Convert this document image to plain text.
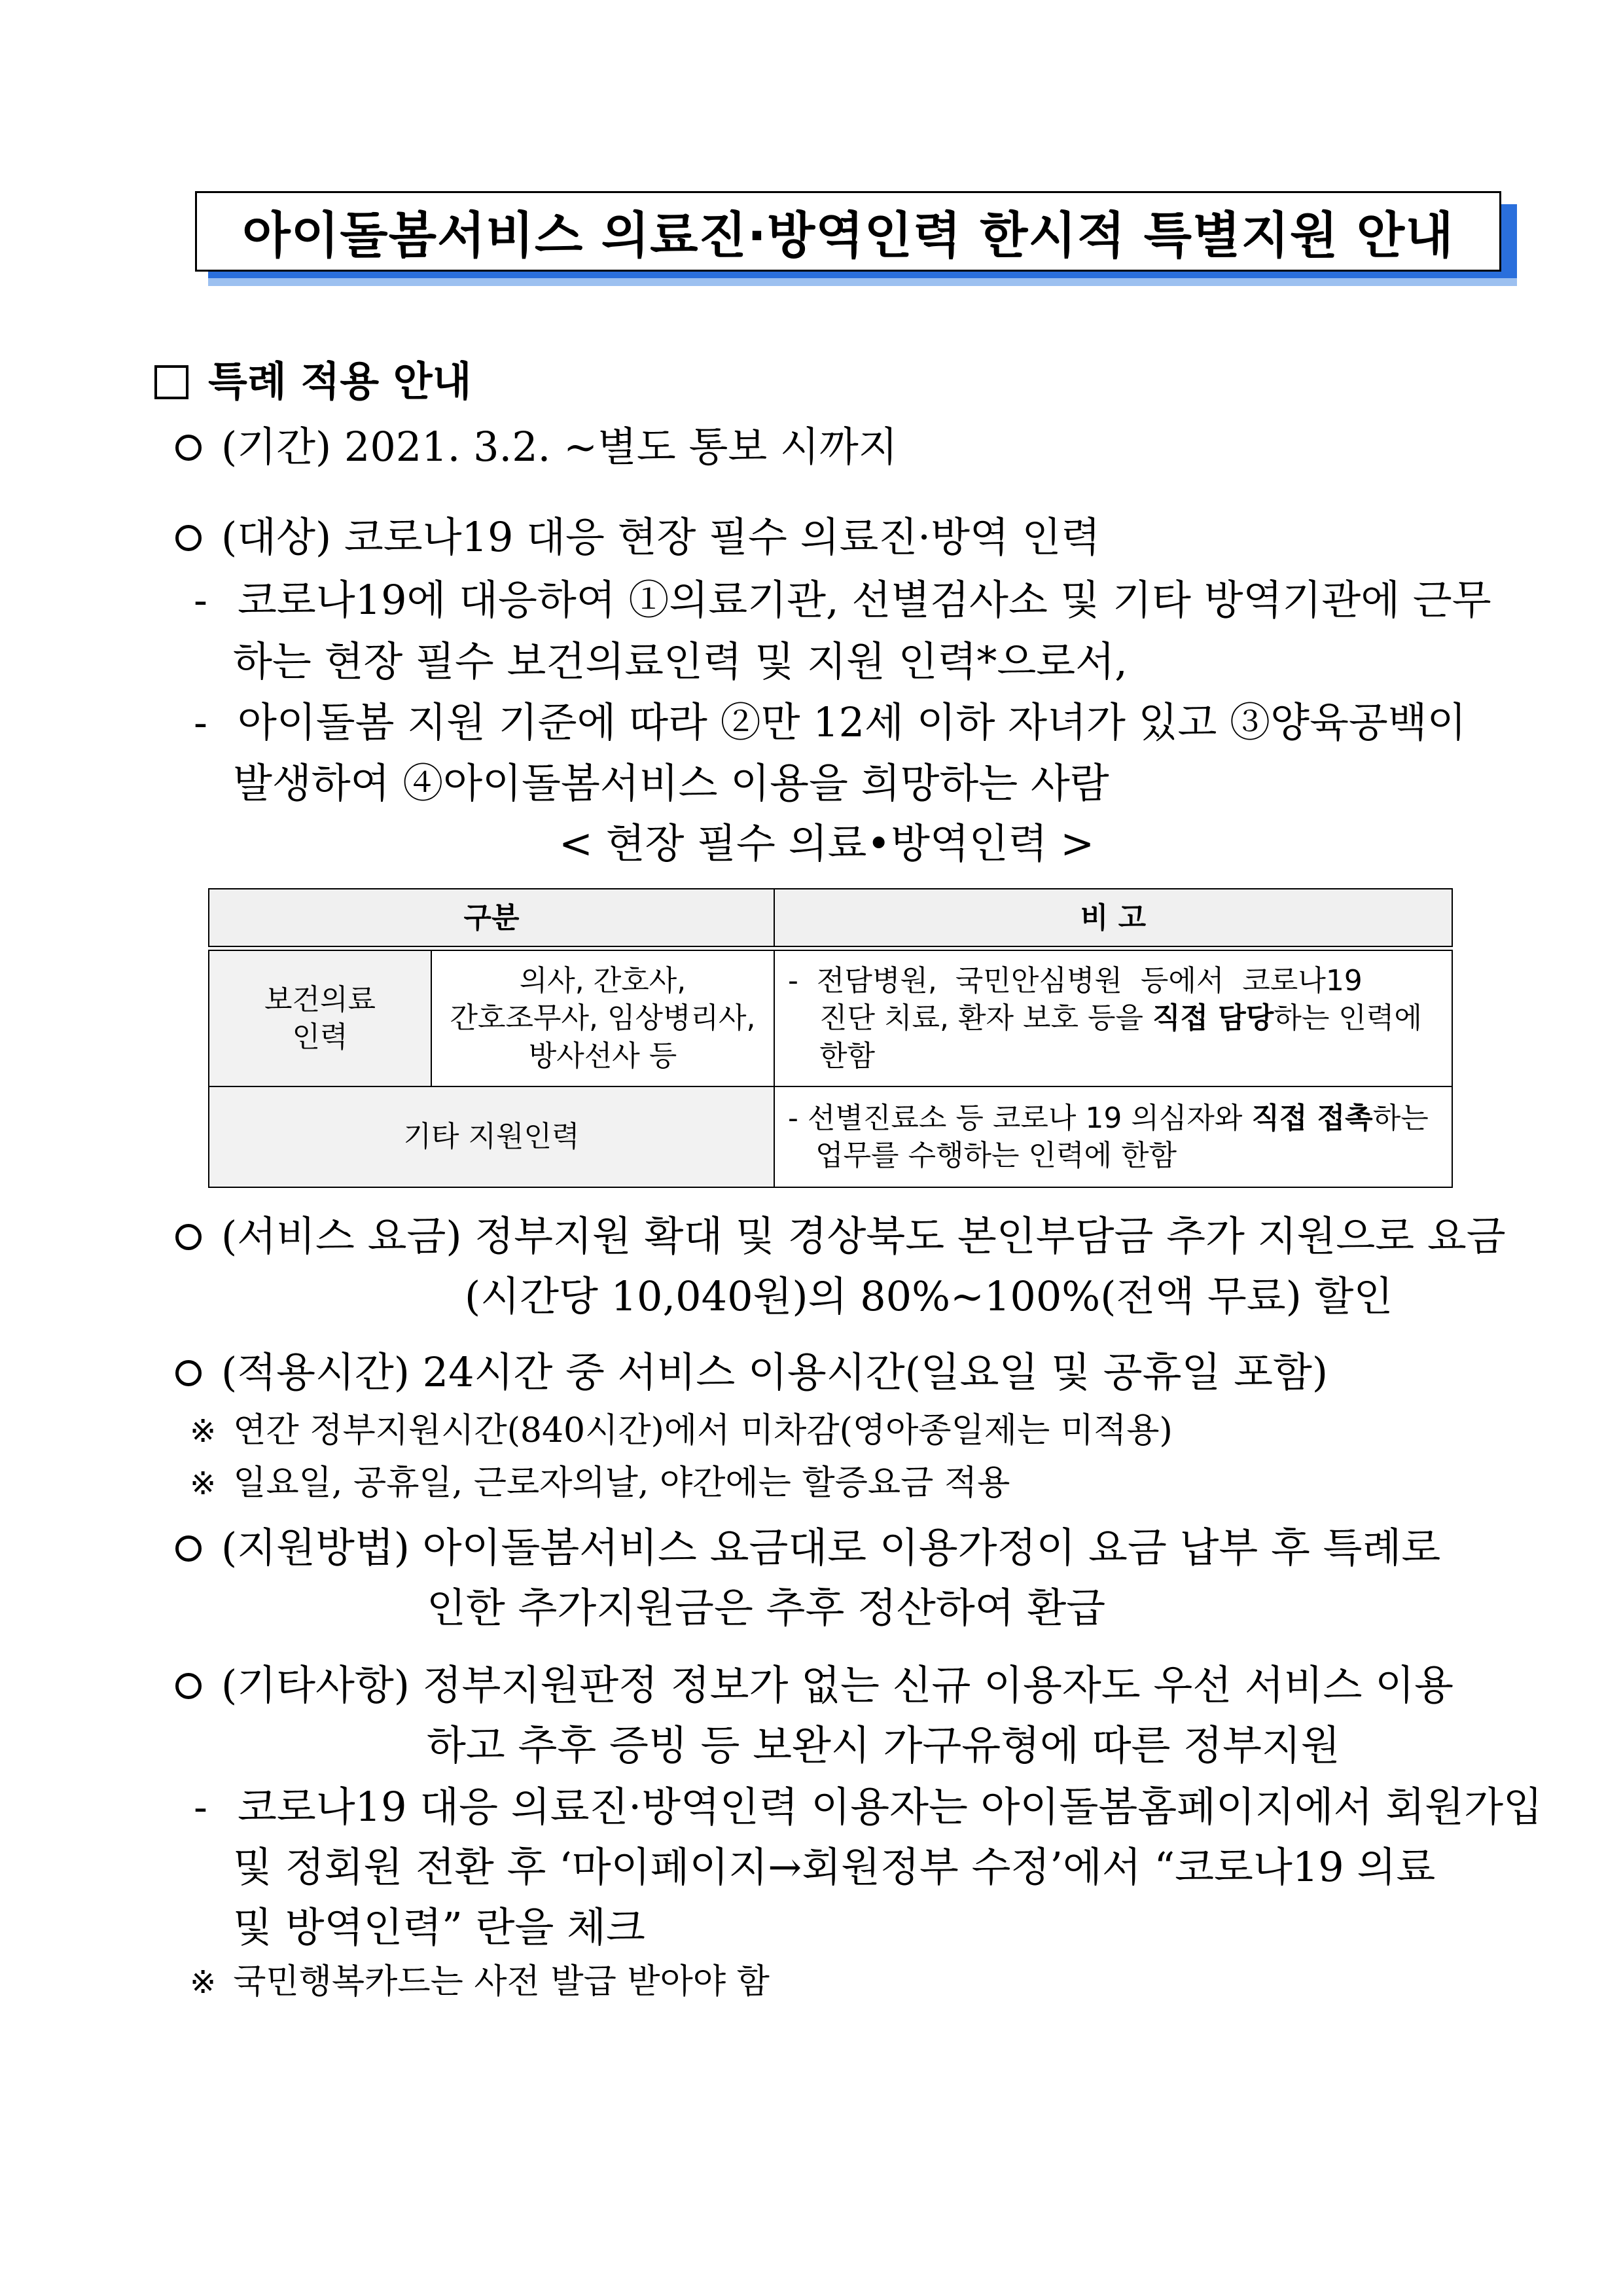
아이돌봄서비스 의료진·방역인력 한시적 특별지원 안내
특례 적용 안내
(기간) 2021. 3.2. ~별도 통보 시까지
(대상) 코로나19 대응 현장 필수 의료진·방역 인력
- 코로나19에 대응하여 ①의료기관, 선별검사소 및 기타 방역기관에 근무
하는 현장 필수 보건의료인력 및 지원 인력*으로서,
- 아이돌봄 지원 기준에 따라 ②만 12세 이하 자녀가 있고 ③양육공백이
발생하여 ④아이돌봄서비스 이용을 희망하는 사람
< 현장 필수 의료•방역인력 >
구분	비 고
보건의료
인력
의사, 간호사,
간호조무사, 임상병리사,
방사선사 등
-  전담병원,  국민안심병원  등에서  코로나19
진단 치료, 환자 보호 등을 직접 담당하는 인력에 한함
기타 지원인력
- 선별진료소 등 코로나 19 의심자와 직접 접촉하는
업무를 수행하는 인력에 한함
(서비스 요금) 정부지원 확대 및 경상북도 본인부담금 추가 지원으로 요금
(시간당 10,040원)의 80%~100%(전액 무료) 할인
(적용시간) 24시간 중 서비스 이용시간(일요일 및 공휴일 포함)
※ 연간 정부지원시간(840시간)에서 미차감(영아종일제는 미적용)
※ 일요일, 공휴일, 근로자의날, 야간에는 할증요금 적용
(지원방법) 아이돌봄서비스 요금대로 이용가정이 요금 납부 후 특례로
인한 추가지원금은 추후 정산하여 환급
(기타사항) 정부지원판정 정보가 없는 신규 이용자도 우선 서비스 이용
하고 추후 증빙 등 보완시 가구유형에 따른 정부지원
- 코로나19 대응 의료진·방역인력 이용자는 아이돌봄홈페이지에서 회원가입
및 정회원 전환 후 ‘마이페이지→회원정부 수정’에서 “코로나19 의료
및 방역인력” 란을 체크
※ 국민행복카드는 사전 발급 받아야 함
